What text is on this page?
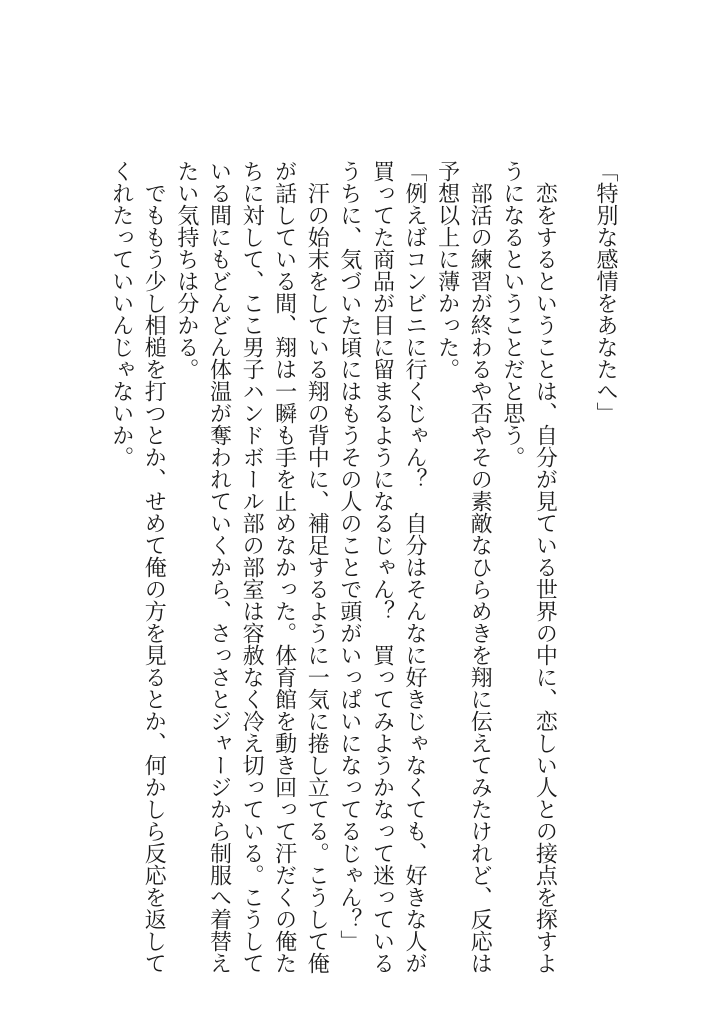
「特別な感情をあなたへ」
　恋をするということは、自分が見ている世界の中に、恋しい人との接点を探すよ
うになるということだと思う。
　部活の練習が終わるや否やその素敵なひらめきを翔に伝えてみたけれど、反応は
予想以上に薄かった。
「例えばコンビニに行くじゃん？　自分はそんなに好きじゃなくても、好きな人が
買ってた商品が目に留まるようになるじゃん？　買ってみようかなって迷っている
うちに、気づいた頃にはもうその人のことで頭がいっぱいになってるじゃん？」
　汗の始末をしている翔の背中に、補足するように一気に捲し立てる。こうして俺
が話している間、翔は一瞬も手を止めなかった。体育館を動き回って汗だくの俺た
ちに対して、ここ男子ハンドボール部の部室は容赦なく冷え切っている。こうして
いる間にもどんどん体温が奪われていくから、さっさとジャージから制服へ着替え
たい気持ちは分かる。
　でももう少し相槌を打つとか、せめて俺の方を見るとか、何かしら反応を返して
くれたっていいんじゃないか。
